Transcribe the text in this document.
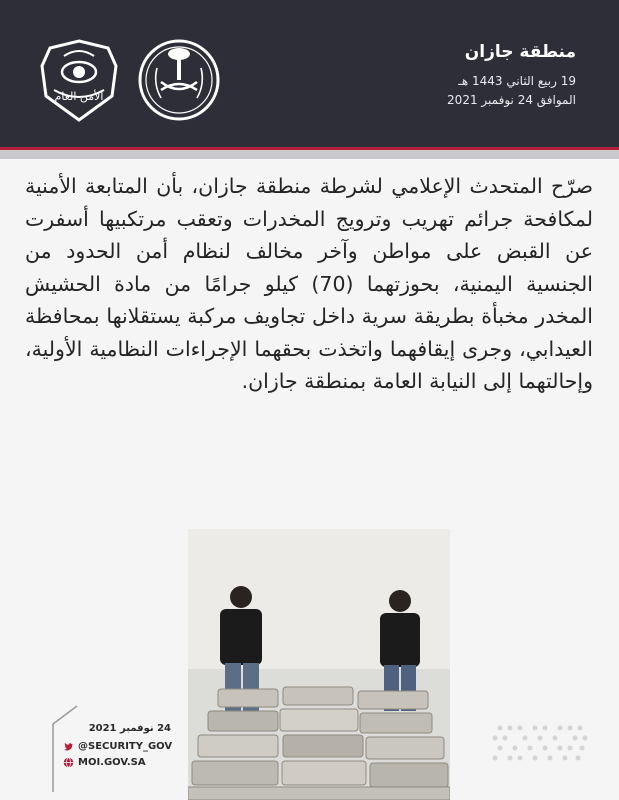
الأمن العام
منطقة جازان
19 ربيع الثاني 1443 هـ
الموافق 24 نوفمبر 2021
صرّح المتحدث الإعلامي لشرطة منطقة جازان، بأن المتابعة الأمنية لمكافحة جرائم تهريب وترويج المخدرات وتعقب مرتكبيها أسفرت عن القبض على مواطن وآخر مخالف لنظام أمن الحدود من الجنسية اليمنية، بحوزتهما (70) كيلو جرامًا من مادة الحشيش المخدر مخبأة بطريقة سرية داخل تجاويف مركبة يستقلانها بمحافظة العيدابي، وجرى إيقافهما واتخذت بحقهما الإجراءات النظامية الأولية، وإحالتهما إلى النيابة العامة بمنطقة جازان.
24 نوفمبر 2021
@SECURITY_GOV
MOI.GOV.SA
